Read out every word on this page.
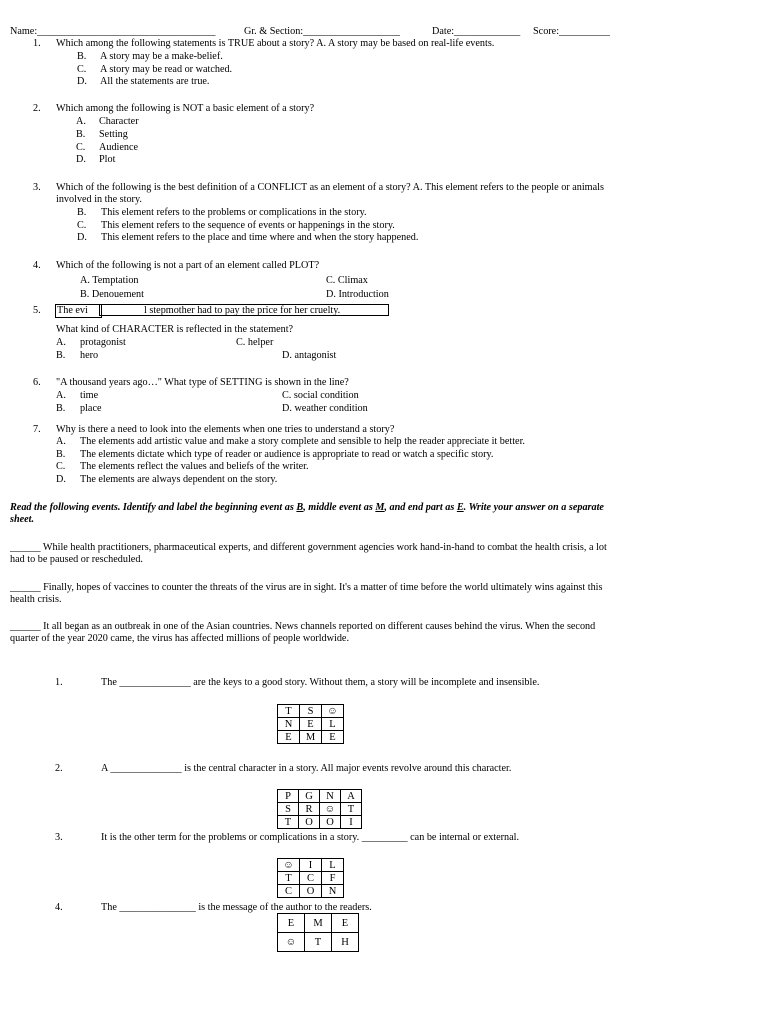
Name:___________________________________	Gr. & Section:___________________	Date:_____________ Score:__________
1. Which among the following statements is TRUE about a story? A. A story may be based on real-life events.
B. A story may be a make-belief.
C. A story may be read or watched.
D. All the statements are true.
2. Which among the following is NOT a basic element of a story?
A. Character
B. Setting
C. Audience
D. Plot
3. Which of the following is the best definition of a CONFLICT as an element of a story? A. This element refers to the people or animals
involved in the story.
B. This element refers to the problems or complications in the story.
C. This element refers to the sequence of events or happenings in the story.
D. This element refers to the place and time where and when the story happened.
4. Which of the following is not a part of an element called PLOT?
A. Temptation	C. Climax
B. Denouement	D. Introduction
5. The evi	l stepmother had to pay the price for her cruelty.
What kind of CHARACTER is reflected in the statement?
A. protagonist	C. helper
B. hero	D. antagonist
6. "A thousand years ago…" What type of SETTING is shown in the line?
A. time	C. social condition
B. place	D. weather condition
7. Why is there a need to look into the elements when one tries to understand a story?
A. The elements add artistic value and make a story complete and sensible to help the reader appreciate it better.
B. The elements dictate which type of reader or audience is appropriate to read or watch a specific story.
C. The elements reflect the values and beliefs of the writer.
D. The elements are always dependent on the story.
Read the following events. Identify and label the beginning event as B, middle event as M, and end part as E. Write your answer on a separate
sheet.
______ While health practitioners, pharmaceutical experts, and different government agencies work hand-in-hand to combat the health crisis, a lot
had to be paused or rescheduled.
______ Finally, hopes of vaccines to counter the threats of the virus are in sight. It's a matter of time before the world ultimately wins against this
health crisis.
______ It all began as an outbreak in one of the Asian countries. News channels reported on different causes behind the virus. When the second
quarter of the year 2020 came, the virus has affected millions of people worldwide.
1.	The ______________ are the keys to a good story. Without them, a story will be incomplete and insensible.
T	S	☺
N	E	L
E	M	E
2.	A ______________ is the central character in a story. All major events revolve around this character.
P	G	N	A
S	R	☺	T
T	O	O	I
3.	It is the other term for the problems or complications in a story. _________ can be internal or external.
☺	I	L
T	C	F
C	O	N
4.	The _______________ is the message of the author to the readers.
E	M	E
☺	T	H
